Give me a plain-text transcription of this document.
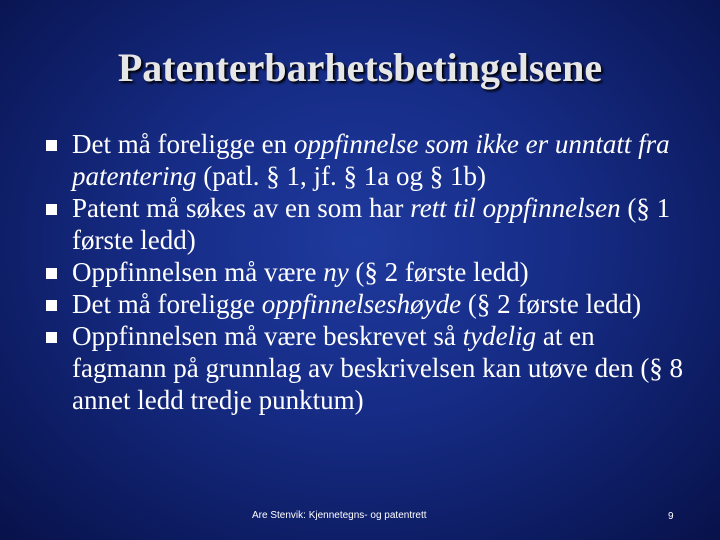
Patenterbarhetsbetingelsene
Det må foreligge en oppfinnelse som ikke er unntatt fra patentering (patl. § 1, jf. § 1a og § 1b)
Patent må søkes av en som har rett til oppfinnelsen (§ 1 første ledd)
Oppfinnelsen må være ny (§ 2 første ledd)
Det må foreligge oppfinnelseshøyde (§ 2 første ledd)
Oppfinnelsen må være beskrevet så tydelig at en fagmann på grunnlag av beskrivelsen kan utøve den (§ 8 annet ledd tredje punktum)
Are Stenvik: Kjennetegns- og patentrett	9
